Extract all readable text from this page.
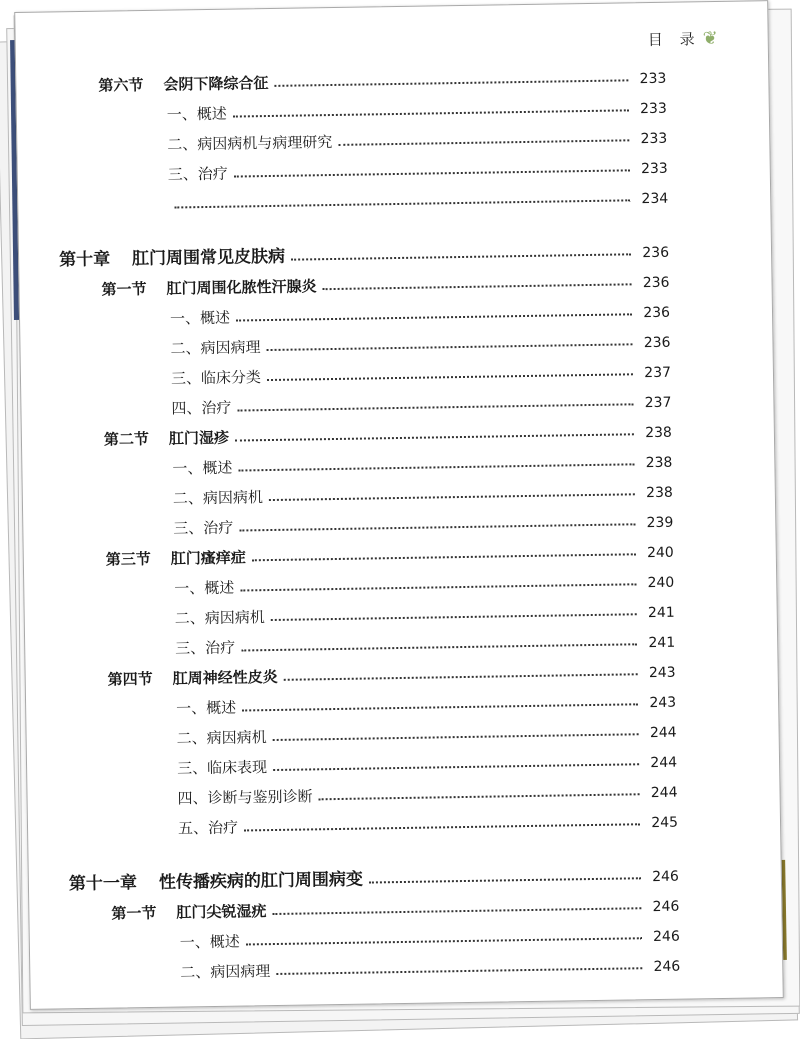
目 录❦
第六节 会阴下降综合征	233
一、概述	233
二、病因病机与病理研究	233
三、治疗	233
234
第十章 肛门周围常见皮肤病	236
第一节 肛门周围化脓性汗腺炎	236
一、概述	236
二、病因病理	236
三、临床分类	237
四、治疗	237
第二节 肛门湿疹	238
一、概述	238
二、病因病机	238
三、治疗	239
第三节 肛门瘙痒症	240
一、概述	240
二、病因病机	241
三、治疗	241
第四节 肛周神经性皮炎	243
一、概述	243
二、病因病机	244
三、临床表现	244
四、诊断与鉴别诊断	244
五、治疗	245
第十一章 性传播疾病的肛门周围病变	246
第一节 肛门尖锐湿疣	246
一、概述	246
二、病因病理	246
